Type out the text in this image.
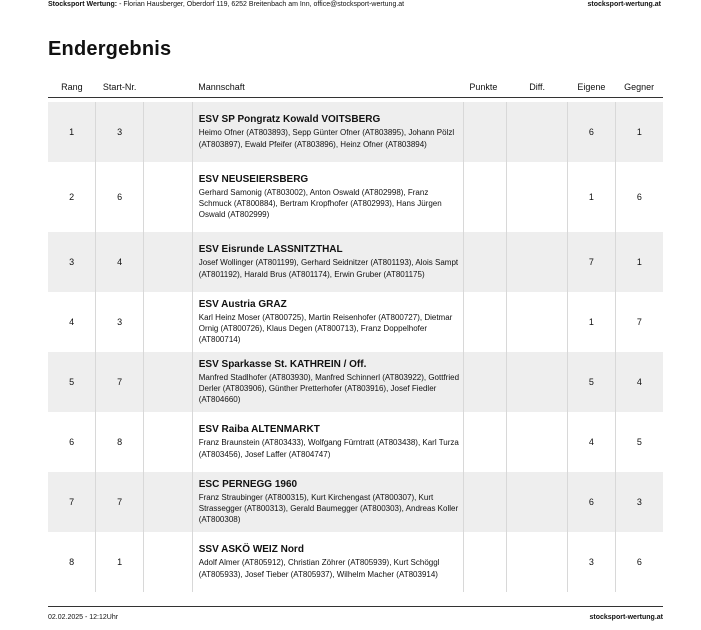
Stocksport Wertung: - Florian Hausberger, Oberdorf 119, 6252 Breitenbach am Inn, office@stocksport-wertung.at	stocksport-wertung.at
Endergebnis
Rang	Start-Nr.		Mannschaft	Punkte	Diff.	Eigene	Gegner

1	3		ESV SP Pongratz Kowald VOITSBERG
Heimo Ofner (AT803893), Sepp Günter Ofner (AT803895), Johann Pölzl (AT803897), Ewald Pfeifer (AT803896), Heinz Ofner (AT803894)			6	1
2	6		ESV NEUSEIERSBERG
Gerhard Samonig (AT803002), Anton Oswald (AT802998), Franz Schmuck (AT800884), Bertram Kropfhofer (AT802993), Hans Jürgen Oswald (AT802999)			1	6
3	4		ESV Eisrunde LASSNITZTHAL
Josef Wollinger (AT801199), Gerhard Seidnitzer (AT801193), Alois Sampt (AT801192), Harald Brus (AT801174), Erwin Gruber (AT801175)			7	1
4	3		ESV Austria GRAZ
Karl Heinz Moser (AT800725), Martin Reisenhofer (AT800727), Dietmar Ornig (AT800726), Klaus Degen (AT800713), Franz Doppelhofer (AT800714)			1	7
5	7		ESV Sparkasse St. KATHREIN / Off.
Manfred Stadlhofer (AT803930), Manfred Schinnerl (AT803922), Gottfried Derler (AT803906), Günther Pretterhofer (AT803916), Josef Fiedler (AT804660)			5	4
6	8		ESV Raiba ALTENMARKT
Franz Braunstein (AT803433), Wolfgang Fürntratt (AT803438), Karl Turza (AT803456), Josef Laffer (AT804747)			4	5
7	7		ESC PERNEGG 1960
Franz Straubinger (AT800315), Kurt Kirchengast (AT800307), Kurt Strassegger (AT800313), Gerald Baumegger (AT800303), Andreas Koller (AT800308)			6	3
8	1		SSV ASKÖ WEIZ Nord
Adolf Almer (AT805912), Christian Zöhrer (AT805939), Kurt Schöggl (AT805933), Josef Tieber (AT805937), Wilhelm Macher (AT803914)			3	6
02.02.2025 - 12:12Uhr	stocksport-wertung.at
